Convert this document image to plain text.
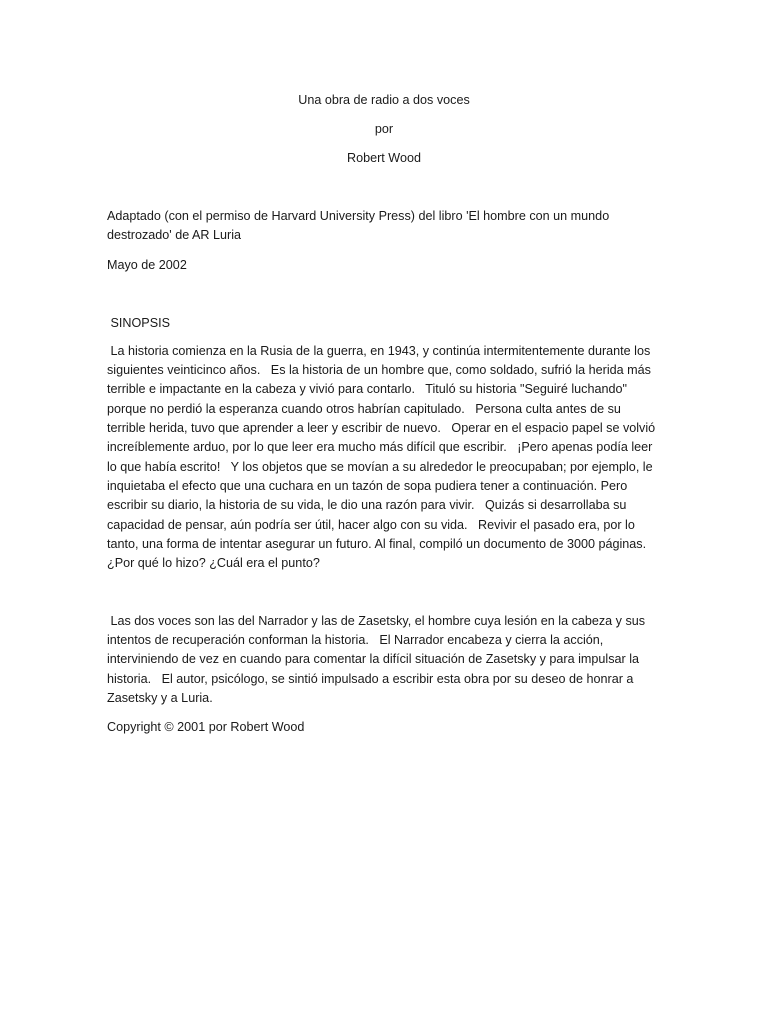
Una obra de radio a dos voces
por
Robert Wood
Adaptado (con el permiso de Harvard University Press) del libro 'El hombre con un mundo
destrozado' de AR Luria
Mayo de 2002
SINOPSIS
La historia comienza en la Rusia de la guerra, en 1943, y continúa intermitentemente durante los
siguientes veinticinco años.   Es la historia de un hombre que, como soldado, sufrió la herida más
terrible e impactante en la cabeza y vivió para contarlo.   Tituló su historia "Seguiré luchando"
porque no perdió la esperanza cuando otros habrían capitulado.   Persona culta antes de su
terrible herida, tuvo que aprender a leer y escribir de nuevo.   Operar en el espacio papel se volvió
increíblemente arduo, por lo que leer era mucho más difícil que escribir.   ¡Pero apenas podía leer
lo que había escrito!   Y los objetos que se movían a su alrededor le preocupaban; por ejemplo, le
inquietaba el efecto que una cuchara en un tazón de sopa pudiera tener a continuación. Pero
escribir su diario, la historia de su vida, le dio una razón para vivir.   Quizás si desarrollaba su
capacidad de pensar, aún podría ser útil, hacer algo con su vida.   Revivir el pasado era, por lo
tanto, una forma de intentar asegurar un futuro. Al final, compiló un documento de 3000 páginas.
¿Por qué lo hizo? ¿Cuál era el punto?
Las dos voces son las del Narrador y las de Zasetsky, el hombre cuya lesión en la cabeza y sus
intentos de recuperación conforman la historia.   El Narrador encabeza y cierra la acción,
interviniendo de vez en cuando para comentar la difícil situación de Zasetsky y para impulsar la
historia.   El autor, psicólogo, se sintió impulsado a escribir esta obra por su deseo de honrar a
Zasetsky y a Luria.
Copyright © 2001 por Robert Wood
